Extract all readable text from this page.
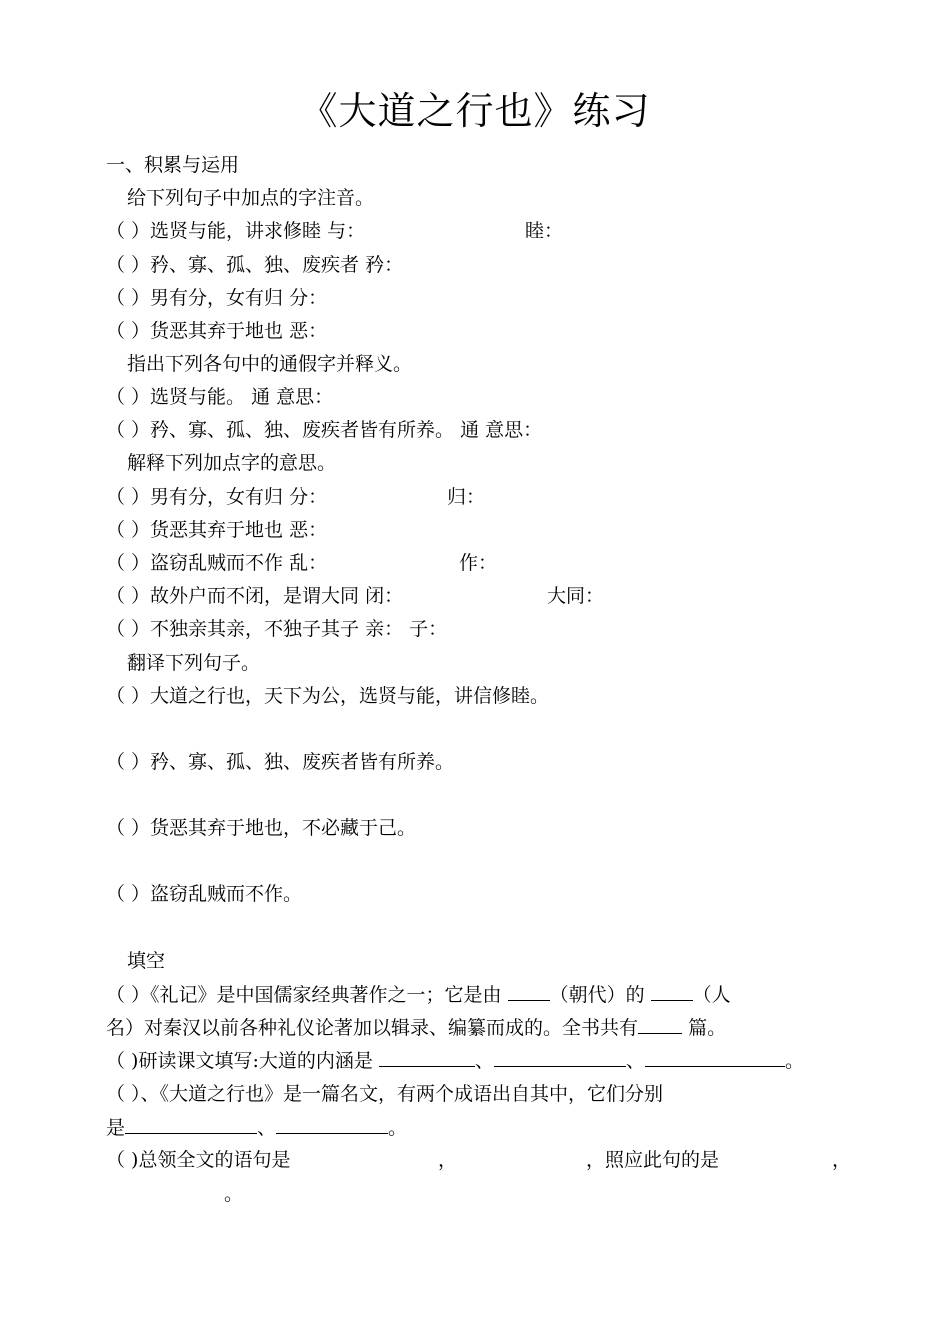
《大道之行也》练习
一、积累与运用
给下列句子中加点的字注音。
（ ）选贤与能，讲求修睦 与：	睦：
（ ）矜、寡、孤、独、废疾者 矜：
（ ）男有分，女有归 分：
（ ）货恶其弃于地也 恶：
指出下列各句中的通假字并释义。
（ ）选贤与能。 通 意思：
（ ）矜、寡、孤、独、废疾者皆有所养。 通 意思：
解释下列加点字的意思。
（ ）男有分，女有归 分：	归：
（ ）货恶其弃于地也 恶：
（ ）盗窃乱贼而不作 乱：	作：
（ ）故外户而不闭，是谓大同 闭：	大同：
（ ）不独亲其亲，不独子其子 亲： 子：
翻译下列句子。
（ ）大道之行也，天下为公，选贤与能，讲信修睦。
（ ）矜、寡、孤、独、废疾者皆有所养。
（ ）货恶其弃于地也，不必藏于己。
（ ）盗窃乱贼而不作。
填空
（ ）《礼记》是中国儒家经典著作之一；它是由	（朝代）的	（人
名）对秦汉以前各种礼仪论著加以辑录、编纂而成的。全书共有	篇。
（ )研读课文填写:大道的内涵是	、	、	。
（ ）、《大道之行也》是一篇名文，有两个成语出自其中，它们分别
是	、	。
（ )总领全文的语句是	，	，照应此句的是	，
。
